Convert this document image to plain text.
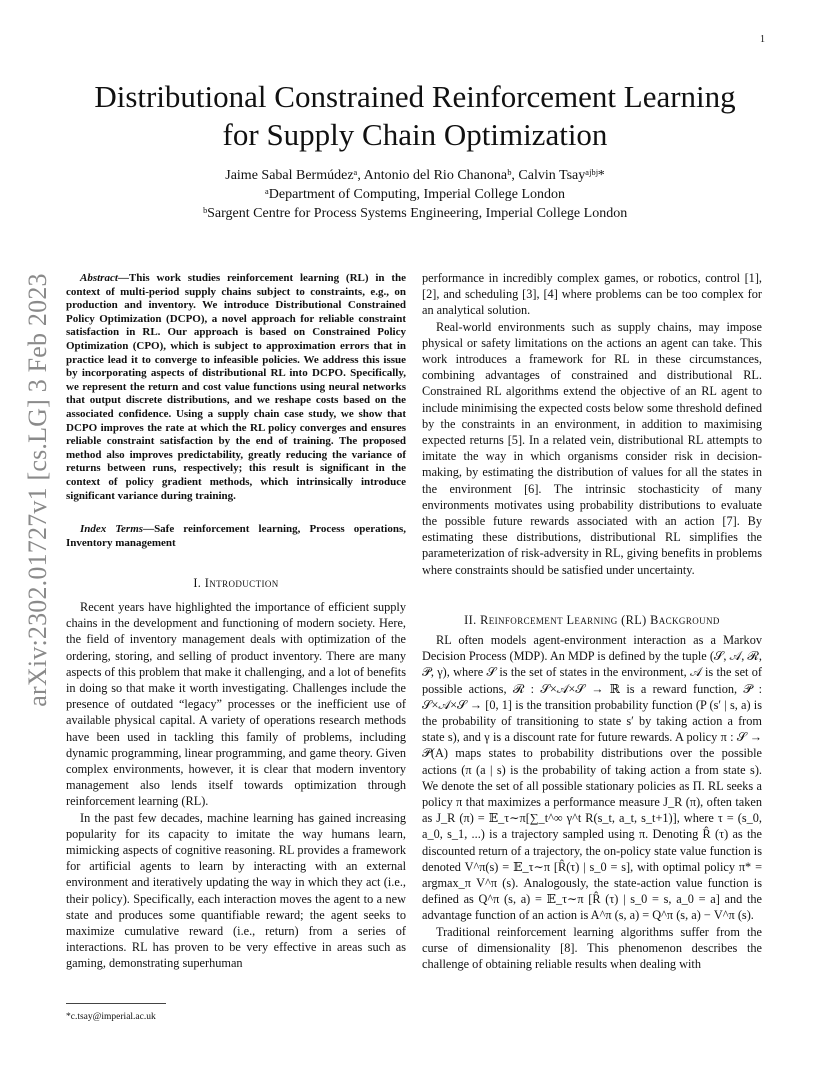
1
arXiv:2302.01727v1 [cs.LG] 3 Feb 2023
Distributional Constrained Reinforcement Learning
for Supply Chain Optimization
Jaime Sabal Bermúdezᵃ, Antonio del Rio Chanonaᵇ, Calvin Tsayᵃʲᵇʲ*
ᵃDepartment of Computing, Imperial College London
ᵇSargent Centre for Process Systems Engineering, Imperial College London

Abstract—This work studies reinforcement learning (RL) in the context of multi-period supply chains subject to constraints, e.g., on production and inventory. We introduce Distributional Constrained Policy Optimization (DCPO), a novel approach for reliable constraint satisfaction in RL. Our approach is based on Constrained Policy Optimization (CPO), which is subject to approximation errors that in practice lead it to converge to infeasible policies. We address this issue by incorporating aspects of distributional RL into DCPO. Specifically, we represent the return and cost value functions using neural networks that output discrete distributions, and we reshape costs based on the associated confidence. Using a supply chain case study, we show that DCPO improves the rate at which the RL policy converges and ensures reliable constraint satisfaction by the end of training. The proposed method also improves predictability, greatly reducing the variance of returns between runs, respectively; this result is significant in the context of policy gradient methods, which intrinsically introduce significant variance during training.

Index Terms—Safe reinforcement learning, Process operations, Inventory management

I. Introduction

Recent years have highlighted the importance of efficient supply chains in the development and functioning of modern society. Here, the field of inventory management deals with optimization of the ordering, storing, and selling of product inventory. There are many aspects of this problem that make it challenging, and a lot of benefits in doing so that make it worth investigating. Challenges include the presence of outdated “legacy” processes or the inefficient use of available physical capital. A variety of operations research methods have been used in tackling this family of problems, including dynamic programming, linear programming, and game theory. Given complex environments, however, it is clear that modern inventory management also lends itself towards optimization through reinforcement learning (RL).

In the past few decades, machine learning has gained increasing popularity for its capacity to imitate the way humans learn, mimicking aspects of cognitive reasoning. RL provides a framework for artificial agents to learn by interacting with an external environment and iteratively updating the way in which they act (i.e., their policy). Specifically, each interaction moves the agent to a new state and produces some quantifiable reward; the agent seeks to maximize cumulative reward (i.e., return) from a series of interactions. RL has proven to be very effective in areas such as gaming, demonstrating superhuman

*c.tsay@imperial.ac.uk

performance in incredibly complex games, or robotics, control [1], [2], and scheduling [3], [4] where problems can be too complex for an analytical solution.

Real-world environments such as supply chains, may impose physical or safety limitations on the actions an agent can take. This work introduces a framework for RL in these circumstances, combining advantages of constrained and distributional RL. Constrained RL algorithms extend the objective of an RL agent to include minimising the expected costs below some threshold defined by the constraints in an environment, in addition to maximising expected returns [5]. In a related vein, distributional RL attempts to imitate the way in which organisms consider risk in decision-making, by estimating the distribution of values for all the states in the environment [6]. The intrinsic stochasticity of many environments motivates using probability distributions to evaluate the possible future rewards associated with an action [7]. By estimating these distributions, distributional RL simplifies the parameterization of risk-adversity in RL, giving benefits in problems where constraints should be satisfied under uncertainty.

II. Reinforcement Learning (RL) Background

RL often models agent-environment interaction as a Markov Decision Process (MDP). An MDP is defined by the tuple (𝒮, 𝒜, ℛ, 𝒫, γ), where 𝒮 is the set of states in the environment, 𝒜 is the set of possible actions, ℛ : 𝒮×𝒜×𝒮 → ℝ is a reward function, 𝒫 : 𝒮×𝒜×𝒮 → [0, 1] is the transition probability function (P (s′ | s, a) is the probability of transitioning to state s′ by taking action a from state s), and γ is a discount rate for future rewards. A policy π : 𝒮 → 𝒫(A) maps states to probability distributions over the possible actions (π (a | s) is the probability of taking action a from state s). We denote the set of all possible stationary policies as Π. RL seeks a policy π that maximizes a performance measure J_R (π), often taken as J_R (π) = 𝔼_τ∼π[∑_t^∞ γ^t R(s_t, a_t, s_t+1)], where τ = (s_0, a_0, s_1, ...) is a trajectory sampled using π. Denoting R̂ (τ) as the discounted return of a trajectory, the on-policy state value function is denoted V^π(s) = 𝔼_τ∼π [R̂(τ) | s_0 = s], with optimal policy π* = argmax_π V^π (s). Analogously, the state-action value function is defined as Q^π (s, a) = 𝔼_τ∼π [R̂ (τ) | s_0 = s, a_0 = a] and the advantage function of an action is A^π (s, a) = Q^π (s, a) − V^π (s).

Traditional reinforcement learning algorithms suffer from the curse of dimensionality [8]. This phenomenon describes the challenge of obtaining reliable results when dealing with
